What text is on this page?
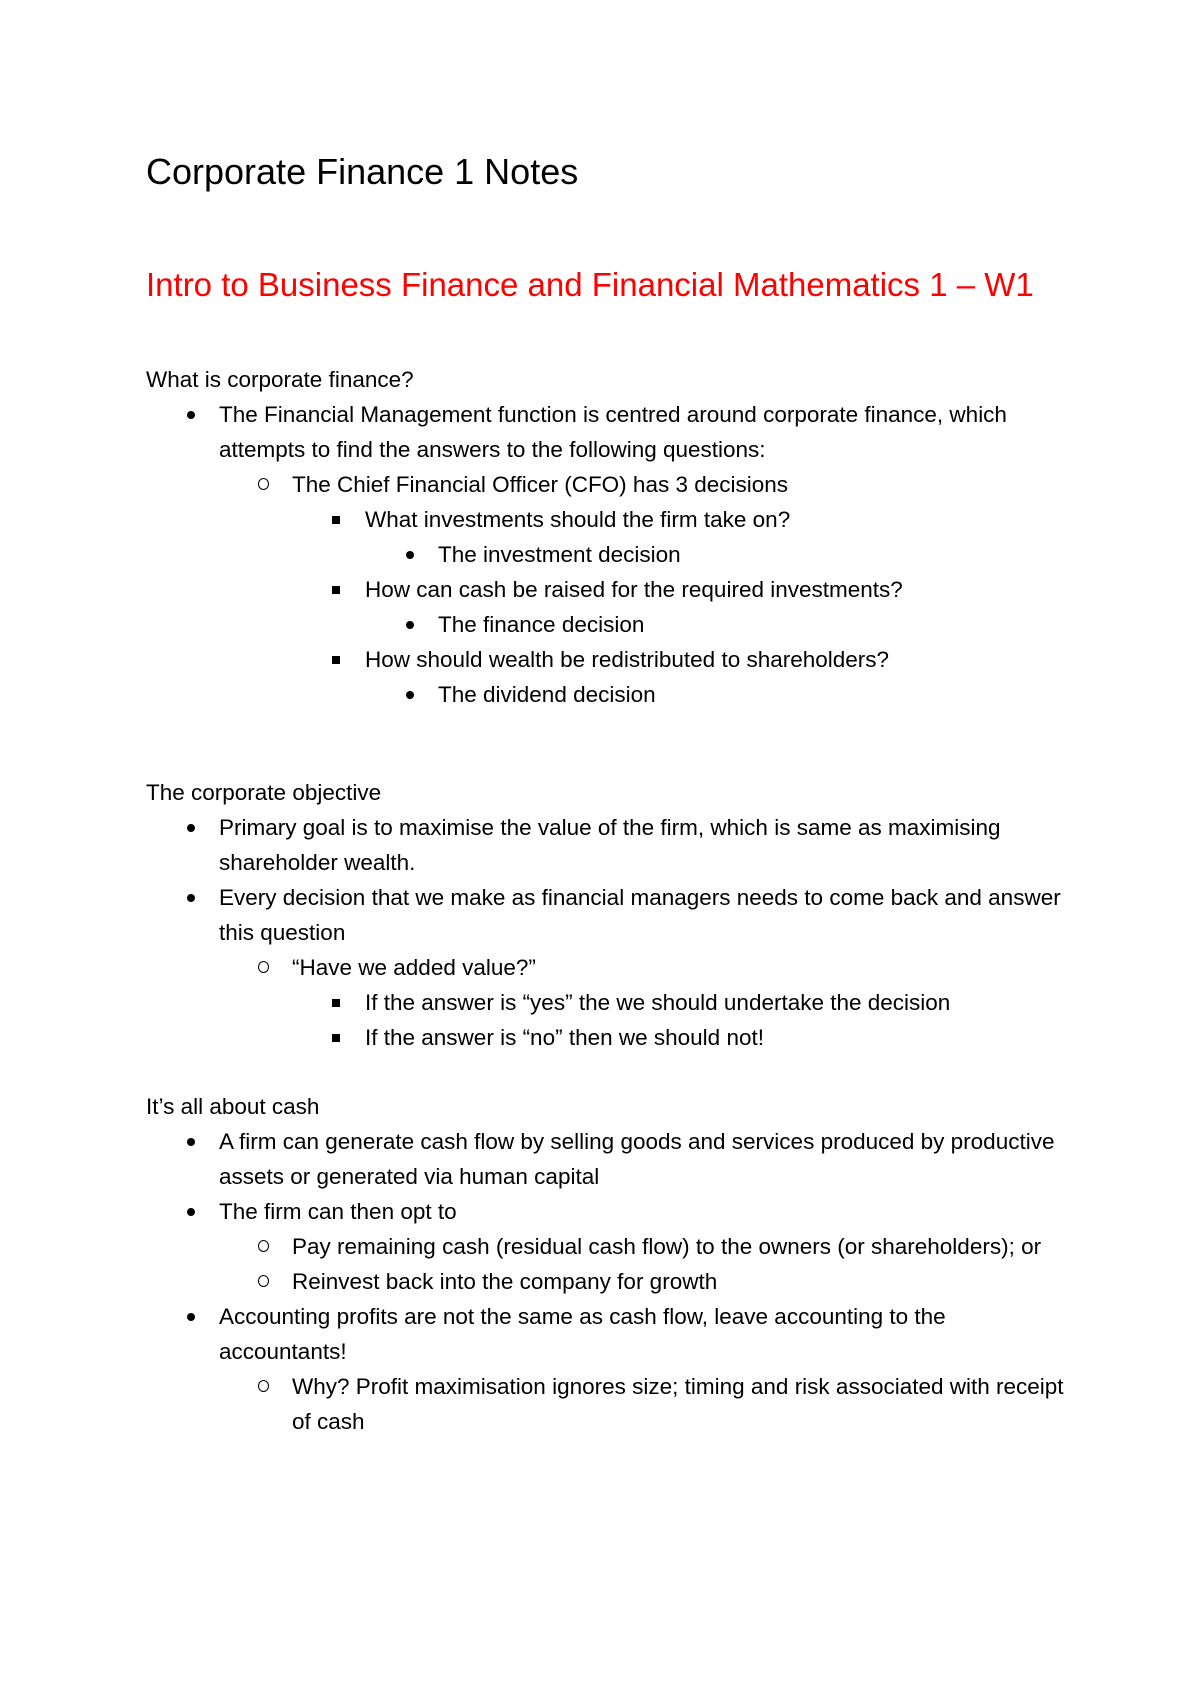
Corporate Finance 1 Notes
Intro to Business Finance and Financial Mathematics 1 – W1

What is corporate finance?

The Financial Management function is centred around corporate finance, which attempts to find the answers to the following questions:
The Chief Financial Officer (CFO) has 3 decisions
What investments should the firm take on?
The investment decision
How can cash be raised for the required investments?
The finance decision
How should wealth be redistributed to shareholders?
The dividend decision

The corporate objective

Primary goal is to maximise the value of the firm, which is same as maximising shareholder wealth.
Every decision that we make as financial managers needs to come back and answer this question
“Have we added value?”
If the answer is “yes” the we should undertake the decision
If the answer is “no” then we should not!

It’s all about cash

A firm can generate cash flow by selling goods and services produced by productive assets or generated via human capital
The firm can then opt to
Pay remaining cash (residual cash flow) to the owners (or shareholders); or
Reinvest back into the company for growth
Accounting profits are not the same as cash flow, leave accounting to the accountants!
Why? Profit maximisation ignores size; timing and risk associated with receipt of cash
